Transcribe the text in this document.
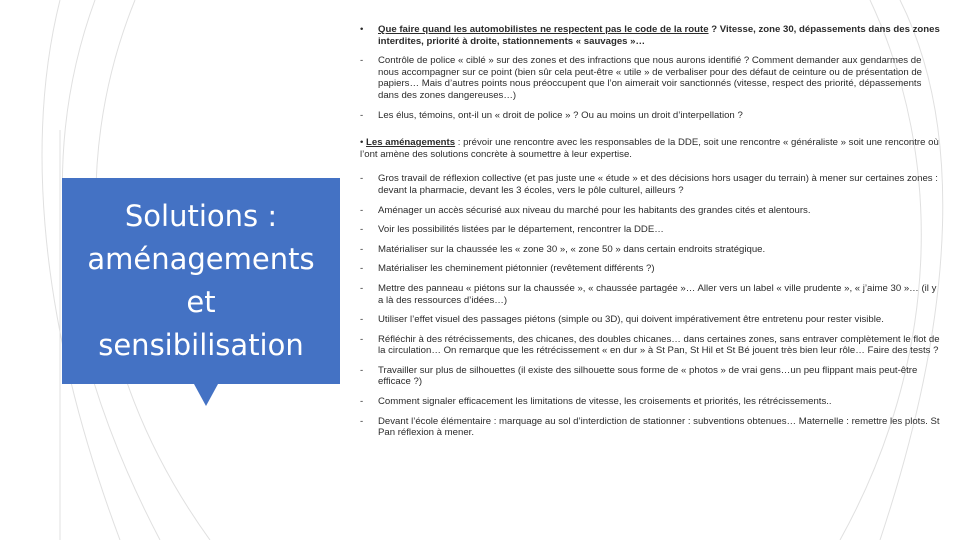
Solutions :
aménagements
et
sensibilisation

•	Que faire quand les automobilistes ne respectent pas le code de la route ? Vitesse, zone 30, dépassements dans des zones interdites, priorité à droite, stationnements « sauvages »…
-	Contrôle de police « ciblé » sur des zones et des infractions que nous aurons identifié ? Comment demander aux gendarmes de nous accompagner sur ce point (bien sûr cela peut-être « utile » de verbaliser pour des défaut de ceinture ou de présentation de papiers… Mais d’autres points nous préoccupent que l’on aimerait voir sanctionnés (vitesse, respect des priorité, dépassements dans des zones dangereuses…)
-	Les élus, témoins, ont-il un « droit de police » ? Ou au moins un droit d’interpellation ?
• Les aménagements : prévoir une rencontre avec les responsables de la DDE, soit une rencontre « généraliste » soit une rencontre où l’ont amène des solutions concrète à soumettre à leur expertise.
-	Gros travail de réflexion collective (et pas juste une « étude » et des décisions hors usager du terrain) à mener sur certaines zones : devant la pharmacie, devant les 3 écoles, vers le pôle culturel, ailleurs ?
-	Aménager un accès sécurisé aux niveau du marché pour les habitants des grandes cités et alentours.
-	Voir les possibilités listées par le département, rencontrer la DDE…
-	Matérialiser sur la chaussée les « zone 30 », « zone 50 » dans certain endroits stratégique.
-	Matérialiser les cheminement piétonnier (revêtement différents ?)
-	Mettre des panneau « piétons sur la chaussée », « chaussée partagée »… Aller vers un label « ville prudente », « j’aime 30 »… (il y a là des ressources d’idées…)
-	Utiliser l’effet visuel des passages piétons (simple ou 3D), qui doivent impérativement être entretenu pour rester visible.
-	Réfléchir à des rétrécissements, des chicanes, des doubles chicanes… dans certaines zones, sans entraver complètement le flot de la circulation… On remarque que les rétrécissement « en dur » à St Pan, St Hil et St Bé jouent très bien leur rôle… Faire des tests ?
-	Travailler sur plus de silhouettes (il existe des silhouette sous forme de « photos » de vrai gens…un peu flippant mais peut-être efficace ?)
-	Comment signaler efficacement les limitations de vitesse, les croisements et priorités, les rétrécissements..
-	Devant l’école élémentaire : marquage au sol d’interdiction de stationner : subventions obtenues… Maternelle : remettre les plots. St Pan réflexion à mener.
